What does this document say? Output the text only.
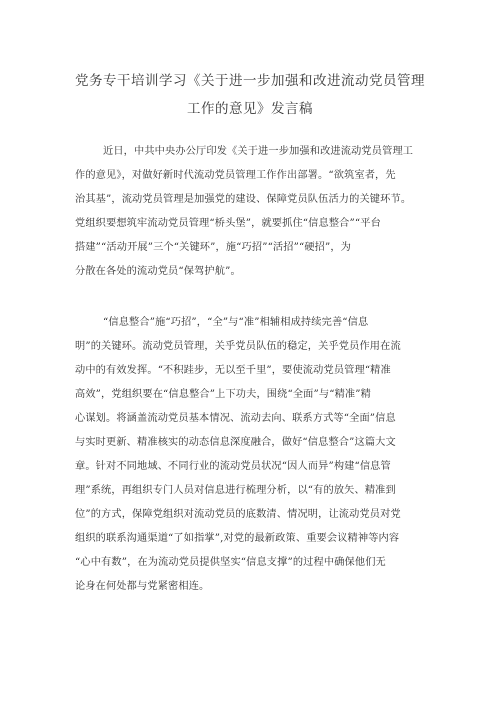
党务专干培训学习《关于进一步加强和改进流动党员管理
工作的意见》发言稿
近日，中共中央办公厅印发《关于进一步加强和改进流动党员管理工
作的意见》，对做好新时代流动党员管理工作作出部署。“欲筑室者，先
治其基”，流动党员管理是加强党的建设、保障党员队伍活力的关键环节。
党组织要想筑牢流动党员管理“桥头堡”，就要抓住“信息整合”“平台
搭建”“活动开展”三个“关键环”，施“巧招”“活招”“硬招”，为
分散在各处的流动党员“保驾护航”。
“信息整合”施“巧招”，“全”与“准”相辅相成持续完善“信息
明”的关键环。流动党员管理，关乎党员队伍的稳定，关乎党员作用在流
动中的有效发挥。“不积跬步，无以至千里”，要使流动党员管理“精准
高效”，党组织要在“信息整合”上下功夫，围绕“全面”与“精准”精
心谋划。将涵盖流动党员基本情况、流动去向、联系方式等“全面”信息
与实时更新、精准核实的动态信息深度融合，做好“信息整合”这篇大文
章。针对不同地域、不同行业的流动党员状况“因人而异”构建“信息管
理”系统，再组织专门人员对信息进行梳理分析，以“有的放矢、精准到
位”的方式，保障党组织对流动党员的底数清、情况明，让流动党员对党
组织的联系沟通渠道“了如指掌”,对党的最新政策、重要会议精神等内容
“心中有数”，在为流动党员提供坚实“信息支撑”的过程中确保他们无
论身在何处都与党紧密相连。
